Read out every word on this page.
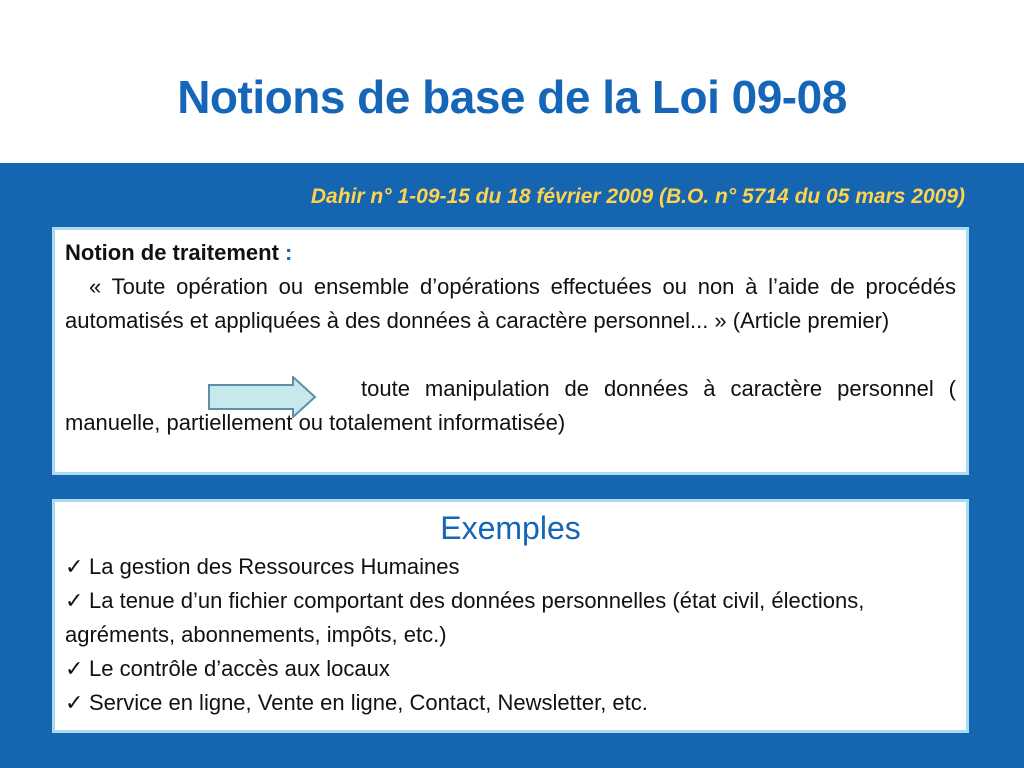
Notions de base de la Loi 09-08
Dahir n° 1-09-15 du 18 février 2009 (B.O. n° 5714 du 05 mars 2009)
Notion de traitement :
« Toute opération ou ensemble d’opérations effectuées ou non à l’aide de procédés automatisés et appliquées à des données à caractère personnel... » (Article premier)
toute manipulation de données à caractère personnel ( manuelle, partiellement ou totalement informatisée)
Exemples
✓ La gestion des Ressources Humaines
✓ La tenue d’un fichier comportant des données personnelles (état civil, élections, agréments, abonnements, impôts, etc.)
✓ Le contrôle d’accès aux locaux
✓ Service en ligne, Vente en ligne, Contact, Newsletter, etc.
